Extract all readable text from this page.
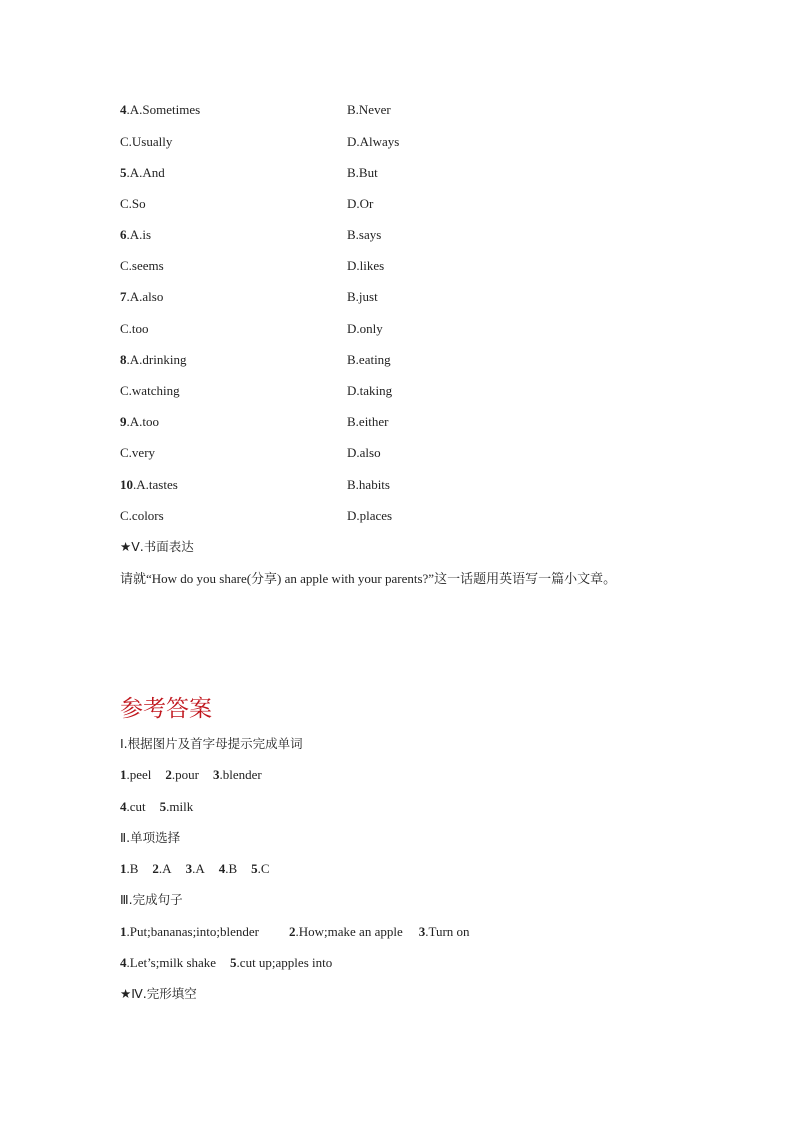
4.A.Sometimes	B.Never
C.Usually	D.Always
5.A.And	B.But
C.So	D.Or
6.A.is	B.says
C.seems	D.likes
7.A.also	B.just
C.too	D.only
8.A.drinking	B.eating
C.watching	D.taking
9.A.too	B.either
C.very	D.also
10.A.tastes	B.habits
C.colors	D.places
★Ⅴ.书面表达
请就“How do you share(分享) an apple with your parents?”这一话题用英语写一篇小文章。
参考答案
Ⅰ.根据图片及首字母提示完成单词
1.peel 2.pour 3.blender
4.cut 5.milk
Ⅱ.单项选择
1.B 2.A 3.A 4.B 5.C
Ⅲ.完成句子
1.Put;bananas;into;blender 2.How;make an apple 3.Turn on
4.Let’s;milk shake 5.cut up;apples into
★Ⅳ.完形填空
